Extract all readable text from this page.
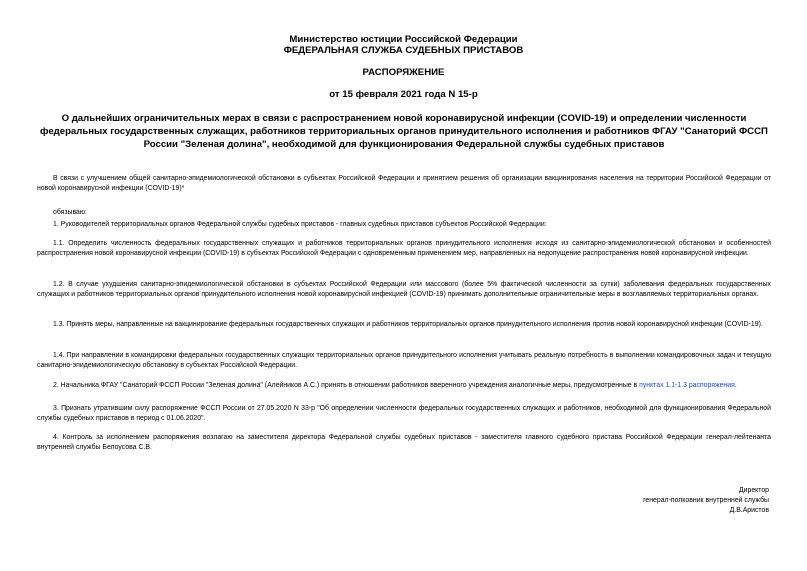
Министерство юстиции Российской Федерации
ФЕДЕРАЛЬНАЯ СЛУЖБА СУДЕБНЫХ ПРИСТАВОВ
РАСПОРЯЖЕНИЕ
от 15 февраля 2021 года N 15-р
О дальнейших ограничительных мерах в связи с распространением новой коронавирусной инфекции (COVID-19) и определении численности федеральных государственных служащих, работников территориальных органов принудительного исполнения и работников ФГАУ "Санаторий ФССП России "Зеленая долина", необходимой для функционирования Федеральной службы судебных приставов
В связи с улучшением общей санитарно-эпидемиологической обстановки в субъектах Российской Федерации и принятием решения об организации вакцинирования населения на территории Российской Федерации от новой коронавирусной инфекции (COVID-19)*
обязываю:
1. Руководителей территориальных органов Федеральной службы судебных приставов - главных судебных приставов субъектов Российской Федерации:
1.1. Определить численность федеральных государственных служащих и работников территориальных органов принудительного исполнения исходя из санитарно-эпидемиологической обстановки и особенностей распространения новой коронавирусной инфекции (COVID-19) в субъектах Российской Федерации с одновременным применением мер, направленных на недопущение распространения новой коронавирусной инфекции.
1.2. В случае ухудшения санитарно-эпидемиологической обстановки в субъектах Российской Федерации или массового (более 5% фактической численности за сутки) заболевания федеральных государственных служащих и работников территориальных органов принудительного исполнения новой коронавирусной инфекцией (COVID-19) принимать дополнительные ограничительные меры в возглавляемых территориальных органах.
1.3. Принять меры, направленные на вакцинирование федеральных государственных служащих и работников территориальных органов принудительного исполнения против новой коронавирусной инфекции (COVID-19).
1.4. При направлении в командировки федеральных государственных служащих территориальных органов принудительного исполнения учитывать реальную потребность в выполнении командировочных задач и текущую санитарно-эпидемиологическую обстановку в субъектах Российской Федерации.
2. Начальника ФГАУ "Санаторий ФССП России "Зеленая долина" (Алейников А.С.) принять в отношении работников вверенного учреждения аналогичные меры, предусмотренные в пунктах 1.1-1.3 распоряжения.
3. Признать утратившим силу распоряжение ФССП России от 27.05.2020 N 33-р "Об определении численности федеральных государственных служащих и работников, необходимой для функционирования Федеральной службы судебных приставов в период с 01.06.2020".
4. Контроль за исполнением распоряжения возлагаю на заместителя директора Федеральной службы судебных приставов - заместителя главного судебного пристава Российской Федерации генерал-лейтенанта внутренней службы Белоусова С.В.
Директор
генерал-полковник внутренней службы
Д.В.Аристов
